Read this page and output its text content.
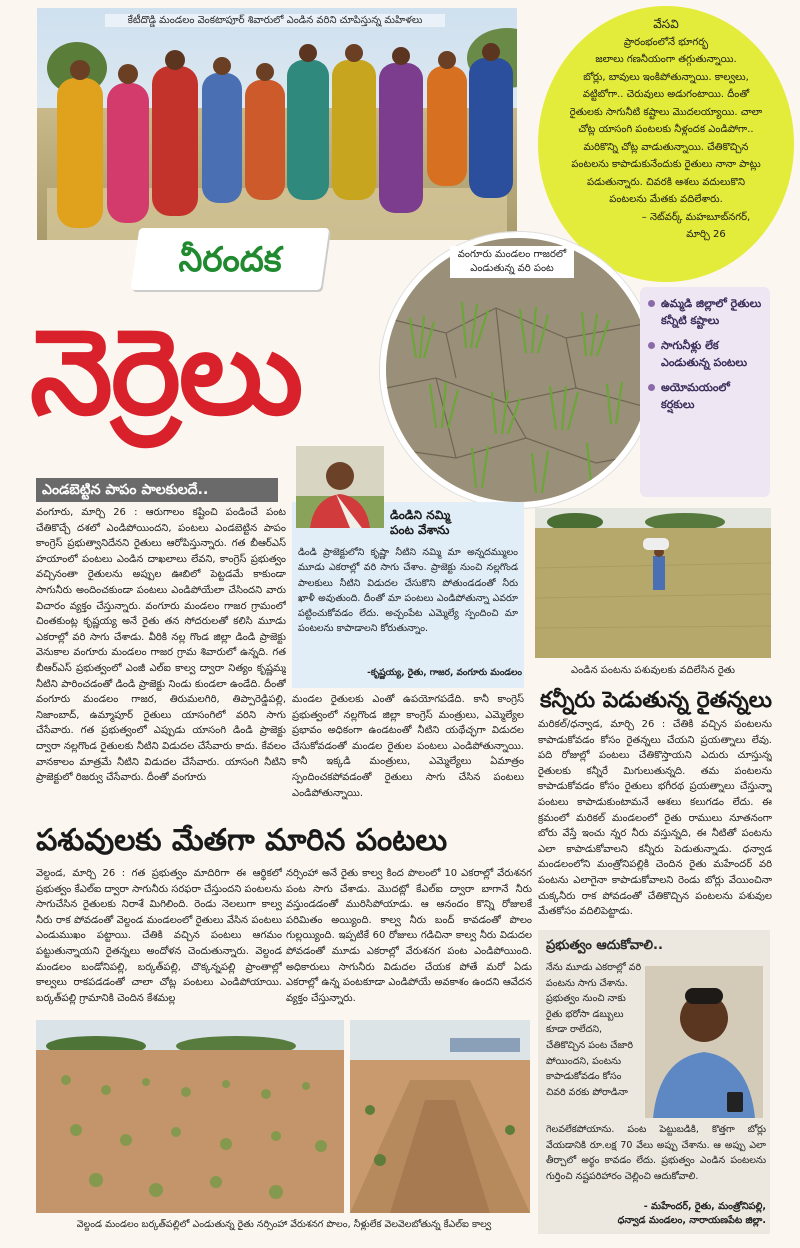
కేటీదొడ్డి మండలం వెంకటాపూర్‌ శివారులో ఎండిన వరిని చూపిస్తున్న మహిళలు	వేసవి
ప్రారంభంలోనే భూగర్భ
జలాలు గణనీయంగా తగ్గుతున్నాయి.
బోర్లు, బావులు ఇంకిపోతున్నాయి. కాల్వలు,
వట్టిబోగా.. చెరువులు అడుగంటాయి. దీంతో
రైతులకు సాగునీటి కష్టాలు మొదలయ్యాయి. చాలా
చోట్ల యాసంగి పంటలకు నీళ్లందక ఎండిపోగా..
మరికొన్ని చోట్ల వాడుతున్నాయి. చేతికొచ్చిన
పంటలను కాపాడుకునేందుకు రైతులు నానా పాట్లు
పడుతున్నారు. చివరకి ఆశలు వదులుకొని
పంటలను మేతకు వదిలేశారు.
– నెట్‌వర్క్‌ మహబూబ్‌నగర్‌,
మార్చి 26
నీరందక
నెర్రెలు
వంగూరు మండలం గాజరలో ఎండుతున్న వరి పంట
ఉమ్మడి జిల్లాలో రైతులు కన్నీటి కష్టాలు
సాగునీళ్లు లేక ఎండుతున్న పంటలు
అయోమయంలో కర్షకులు
ఎండబెట్టిన పాపం పాలకులదే..
వంగూరు, మార్చి 26 : ఆరుగాలం కష్టించి పండించే పంట చేతికొచ్చే దశలో ఎండిపోయిందని, పంటలు ఎండబెట్టిన పాపం కాంగ్రెస్‌ ప్రభుత్వానిదేనని రైతులు ఆరోపిస్తున్నారు. గత బీఆర్‌ఎస్‌ హయాంలో పంటలు ఎండిన దాఖలాలు లేవని, కాంగ్రెస్‌ ప్రభుత్వం వచ్చినంతా రైతులను అప్పుల ఊబిలో పెట్టడమే కాకుండా సాగునీరు అందించకుండా పంటలు ఎండిపోయేలా చేసిందని వారు విచారం వ్యక్తం చేస్తున్నారు. వంగూరు మండలం గాజర గ్రామంలో చింతకుంట్ల కృష్ణయ్య అనే రైతు తన సోదరులతో కలిసి మూడు ఎకరాల్లో వరి సాగు చేశాడు. వీరికి నల్ల గొండ జిల్లా డిండి ప్రాజెక్టు వెనుకాల వంగూరు మండలం గాజర గ్రామ శివారులో ఉన్నది. గత బీఆర్‌ఎస్‌ ప్రభుత్వంలో ఎంజీ ఎల్‌ఐ కాల్వ ద్వారా నిత్యం కృష్ణమ్మ నీటిని పారించడంతో డిండి ప్రాజెక్టు నిండు కుండలా ఉండేది. దీంతో వంగూరు మండలం గాజర, తిరుమలగిరి, తిప్పారెడ్డిపల్లి, నిజాంబాద్‌, ఉమ్మాపూర్‌ రైతులు యాసంగిలో వరిని సాగు చేసేవారు. గత ప్రభుత్వంలో ఎప్పుడు యాసంగి డిండి ప్రాజెక్టు ద్వారా నల్లగొండ రైతులకు నీటిని విడుదల చేసేవారు కాదు. కేవలం వానకాలం మాత్రమే నీటిని విడుదల చేసేవారు. యాసంగి నీటిని ప్రాజెక్టులో రిజర్వు చేసేవారు. దీంతో వంగూరు
మండల రైతులకు ఎంతో ఉపయోగపడేది. కానీ కాంగ్రెస్‌ ప్రభుత్వంలో నల్లగొండ జిల్లా కాంగ్రెస్‌ మంత్రులు, ఎమ్మెల్యేల ప్రభావం అధికంగా ఉండటంతో నీటిని యథేచ్ఛగా విడుదల చేసుకోవడంతో మండల రైతుల పంటలు ఎండిపోతున్నాయి. కానీ ఇక్కడి మంత్రులు, ఎమ్మెల్యేలు ఏమాత్రం స్పందించకపోవడంతో రైతులు సాగు చేసిన పంటలు ఎండిపోతున్నాయి.
డిండిని నమ్మి
పంట వేశాను
డిండి ప్రాజెక్టులోని కృష్ణా నీటిని నమ్మి మా అన్నదమ్ములం మూడు ఎకరాల్లో వరి సాగు చేశాం. ప్రాజెక్టు నుంచి నల్లగొండ పాలకులు నీటిని విడుదల చేసుకొని పోతుండడంతో నీరు ఖాళీ అవుతుంది. దీంతో మా పంటలు ఎండిపోతున్నా ఎవరూ పట్టించుకోవడం లేదు. అచ్చంపేట ఎమ్మెల్యే స్పందించి మా పంటలను కాపాడాలని కోరుతున్నాం.
-కృష్ణయ్య, రైతు, గాజర, వంగూరు మండలం	ఎండిన పంటను పశువులకు వదిలేసిన రైతు
కన్నీరు పెడుతున్న రైతన్నలు
మరికల్‌/ధన్వాడ, మార్చి 26 : చేతికి వచ్చిన పంటలను కాపాడుకోవడం కోసం రైతన్నలు చేయని ప్రయత్నాలు లేవు. పది రోజుల్లో పంటలు చేతికొస్తాయని ఎదురు చూస్తున్న రైతులకు కన్నీరే మిగులుతున్నది. తమ పంటలను కాపాడుకోవడం కోసం రైతులు భగీరథ ప్రయత్నాలు చేస్తున్నా పంటలు కాపాడుకుంటామనే ఆశలు కలుగడం లేదు. ఈ క్రమంలో మరికల్‌ మండలంలో రైతు రాములు నూతనంగా బోరు వేస్తే ఇంచు న్నర నీరు వస్తున్నది, ఈ నీటితో పంటను ఎలా కాపాడుకోవాలని కన్నీరు పెడుతున్నాడు. ధన్వాడ మండలంలోని మంత్రోనిపల్లికి చెందిన రైతు మహేందర్‌ వరి పంటను ఎలాగైనా కాపాడుకోవాలని రెండు బోర్లు వేయించినా చుక్కనీరు రాక పోవడంతో చేతికొచ్చిన పంటలను పశువుల మేతకోసం వదిలిపెట్టాడు.
పశువులకు మేతగా మారిన పంటలు
వెల్దండ, మార్చి 26 : గత ప్రభుత్వం మాదిరిగా ఈ ఆర్థికలో ప్రభుత్వం కేఎల్‌ఐ ద్వారా సాగునీరు సరఫరా చేస్తుందని పంటలను సాగుచేసిన రైతులకు నిరాశే మిగిలింది. రెండు నెలలుగా కాల్వ నీరు రాక పోవడంతో వెల్దండ మండలంలో రైతులు వేసిన పంటలు ఎండుముఖం పట్టాయి. చేతికి వచ్చిన పంటలు ఆగమం పట్టుతున్నాయని రైతన్నలు అందోళన చెందుతున్నారు. వెల్దండ మండలం బండోనిపల్లి, బర్కత్‌పల్లి, చొక్కన్నపల్లి ప్రాంతాల్లో కాల్వలు రాకపడడంతో చాలా చోట్ల పంటలు ఎండిపోయాయి. బర్కత్‌పల్లి గ్రామానికి చెందిన కేశమల్ల
నర్సింహా అనే రైతు కాల్వ కింద పొలంలో 10 ఎకరాల్లో వేరుశనగ పంట సాగు చేశాడు. మొదట్లో కేఎల్‌ఐ ద్వారా బాగానే నీరు వస్తుండడంతో మురిసిపోయాడు. ఆ ఆనందం కొన్ని రోజులకే పరిమితం అయ్యింది. కాల్వ నీరు బంద్‌ కావడంతో పొలం గుల్లయ్యింది. ఇప్పటికే 60 రోజులు గడిచినా కాల్వ నీరు విడుదల పోవడంతో మూడు ఎకరాల్లో వేరుశనగ పంట ఎండిపోయింది. అధికారులు సాగునీరు విడుదల చేయక పోతే మరో ఏడు ఎకరాల్లో ఉన్న పంటకూడా ఎండిపోయే అవకాశం ఉందని ఆవేదన వ్యక్తం చేస్తున్నారు.
వెల్దండ మండలం బర్కత్‌పల్లిలో ఎండుతున్న రైతు నర్సింహా వేరుశనగ పొలం, నీళ్లులేక వెలవెలబోతున్న కేఎల్‌ఐ కాల్వ
ప్రభుత్వం ఆదుకోవాలి..
నేను మూడు ఎకరాల్లో వరి పంటను సాగు చేశాను. ప్రభుత్వం నుంచి నాకు రైతు భరోసా డబ్బులు కూడా రాలేదని, చేతికొచ్చిన పంట చేజారి పోయిందని, పంటను కాపాడుకోవడం కోసం చివరి వరకు పోరాడినా
గెలవలేకపోయాను. పంట పెట్టుబడికి, కొత్తగా బోర్లు వేయడానికి రూ.లక్ష 70 వేలు అప్పు చేశాను. ఆ అప్పు ఎలా తీర్చాలో అర్థం కావడం లేదు. ప్రభుత్వం ఎండిన పంటలను గుర్తించి నష్టపరిహారం చెల్లించి ఆదుకోవాలి.
- మహేందర్‌, రైతు, మంత్రోనిపల్లి,
ధన్వాడ మండలం, నారాయణపేట జిల్లా.
